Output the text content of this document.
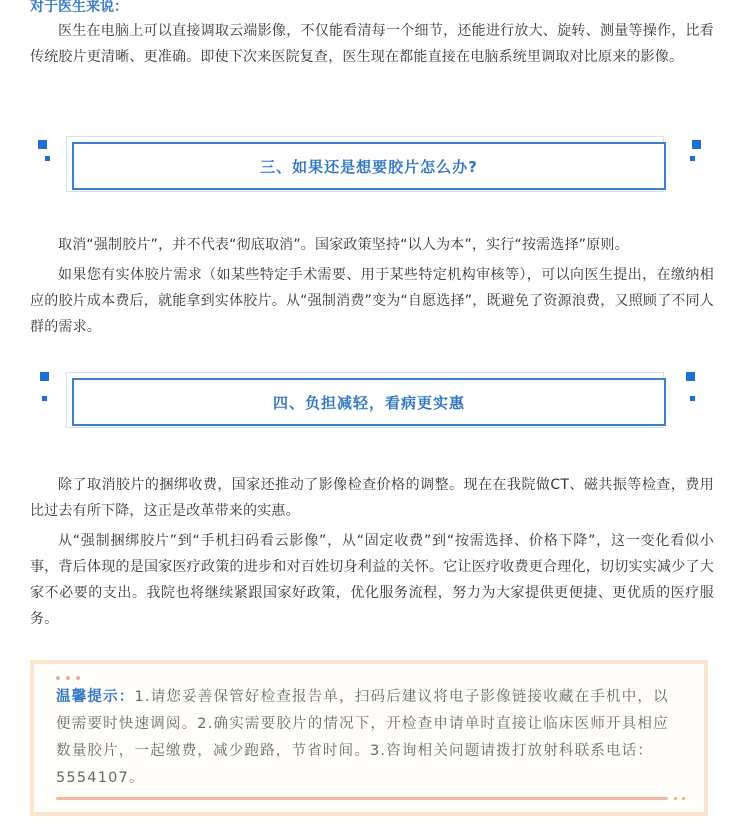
对于医生来说：

医生在电脑上可以直接调取云端影像，不仅能看清每一个细节，还能进行放大、旋转、测量等操作，比看传统胶片更清晰、更准确。即使下次来医院复查，医生现在都能直接在电脑系统里调取对比原来的影像。

三、如果还是想要胶片怎么办?

取消“强制胶片”，并不代表“彻底取消”。国家政策坚持“以人为本”，实行“按需选择”原则。

如果您有实体胶片需求（如某些特定手术需要、用于某些特定机构审核等），可以向医生提出，在缴纳相应的胶片成本费后，就能拿到实体胶片。从“强制消费”变为“自愿选择”，既避免了资源浪费，又照顾了不同人群的需求。

四、负担减轻，看病更实惠

除了取消胶片的捆绑收费，国家还推动了影像检查价格的调整。现在在我院做CT、磁共振等检查，费用比过去有所下降，这正是改革带来的实惠。

从“强制捆绑胶片”到“手机扫码看云影像”，从“固定收费”到“按需选择、价格下降”，这一变化看似小事，背后体现的是国家医疗政策的进步和对百姓切身利益的关怀。它让医疗收费更合理化，切切实实减少了大家不必要的支出。我院也将继续紧跟国家好政策，优化服务流程，努力为大家提供更便捷、更优质的医疗服务。

温馨提示：1.请您妥善保管好检查报告单，扫码后建议将电子影像链接收藏在手机中，以便需要时快速调阅。2.确实需要胶片的情况下，开检查申请单时直接让临床医师开具相应数量胶片，一起缴费，减少跑路，节省时间。3.咨询相关问题请拨打放射科联系电话：5554107。
